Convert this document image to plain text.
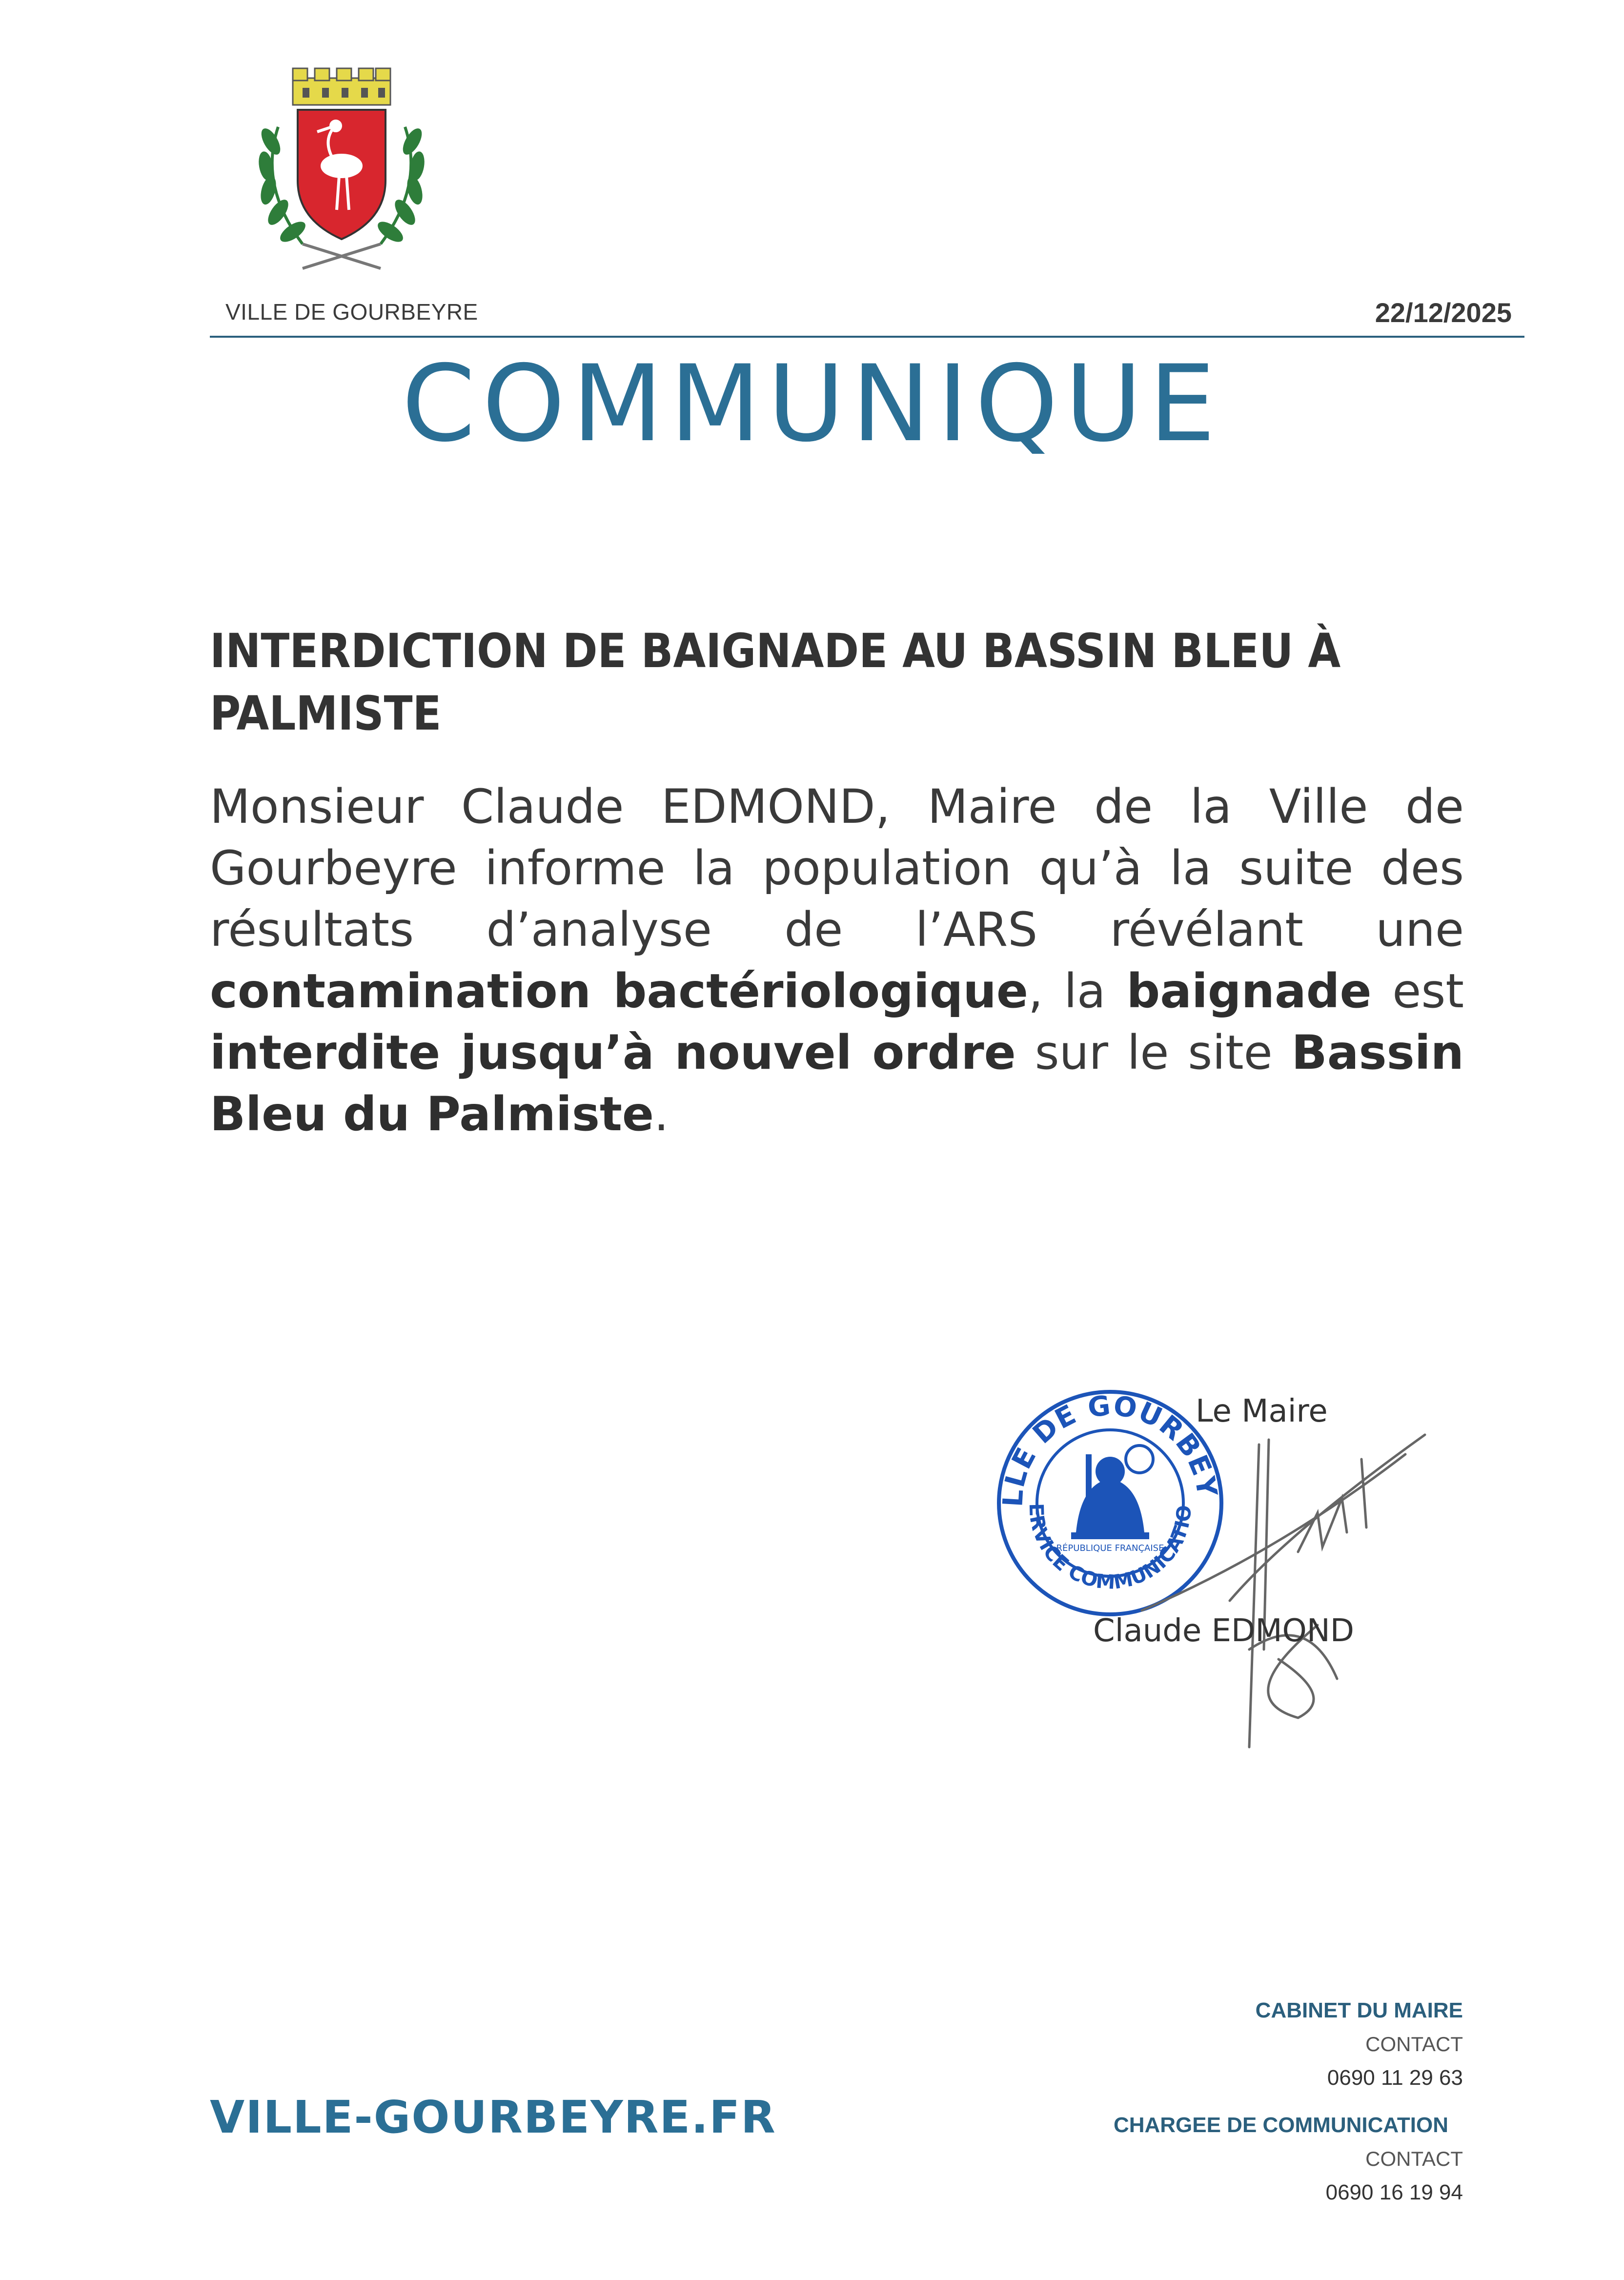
VILLE DE GOURBEYRE	22/12/2025
COMMUNIQUE
INTERDICTION DE BAIGNADE AU BASSIN BLEU À
PALMISTE
Monsieur Claude EDMOND, Maire de la Ville de Gourbeyre informe la population qu’à la suite des résultats d’analyse de l’ARS révélant une contamination bactériologique, la baignade est interdite jusqu’à nouvel ordre sur le site Bassin Bleu du Palmiste.
LLE DE GOURBEY
ERVICE COMMUNICATIO
RÉPUBLIQUE FRANÇAISE
Le Maire
Claude EDMOND
VILLE-GOURBEYRE.FR
CABINET DU MAIRE
CONTACT
0690 11 29 63
CHARGEE DE COMMUNICATION
CONTACT
0690 16 19 94
